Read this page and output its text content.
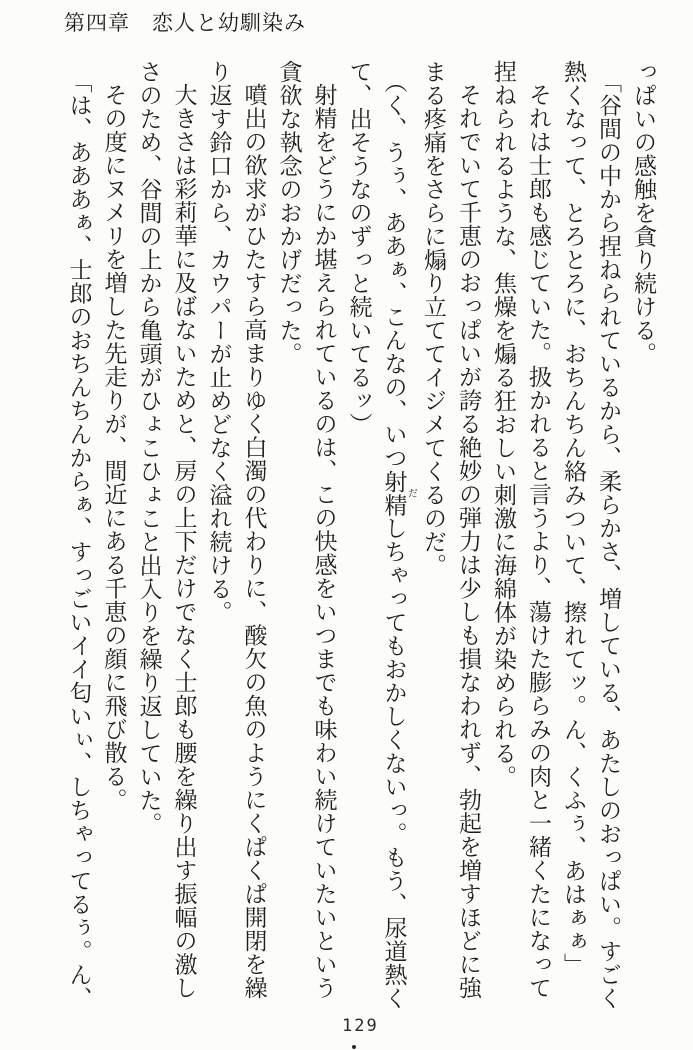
第四章　恋人と幼馴染み

っぱいの感触を貪り続ける。

「谷間の中から捏ねられているから、柔らかさ、増している、あたしのおっぱい。すごく

熱くなって、とろとろに、おちんちん絡みついて、擦れてッ。ん、くふぅ、あはぁぁ」

それは士郎も感じていた。扱かれると言うより、蕩けた膨らみの肉と一緒くたになって

捏ねられるような、焦燥を煽る狂おしい刺激に海綿体が染められる。

それでいて千恵のおっぱいが誇る絶妙の弾力は少しも損なわれず、勃起を増すほどに強

まる疼痛をさらに煽り立ててイジメてくるのだ。

（く、うぅ、ああぁ、こんなの、いつ射精 だしちゃってもおかしくないっ。もう、尿道熱く

て、出そうなのずっと続いてるッ）

射精をどうにか堪えられているのは、この快感をいつまでも味わい続けていたいという

貪欲な執念のおかげだった。

噴出の欲求がひたすら高まりゆく白濁の代わりに、酸欠の魚のようにくぱくぱ開閉を繰

り返す鈴口から、カウパーが止めどなく溢れ続ける。

大きさは彩莉華に及ばないためと、房の上下だけでなく士郎も腰を繰り出す振幅の激し

さのため、谷間の上から亀頭がひょこひょこと出入りを繰り返していた。

その度にヌメリを増した先走りが、間近にある千恵の顔に飛び散る。

「は、あああぁ、士郎のおちんちんからぁ、すっごいイイ匂いぃ、しちゃってるぅ。ん、

129
